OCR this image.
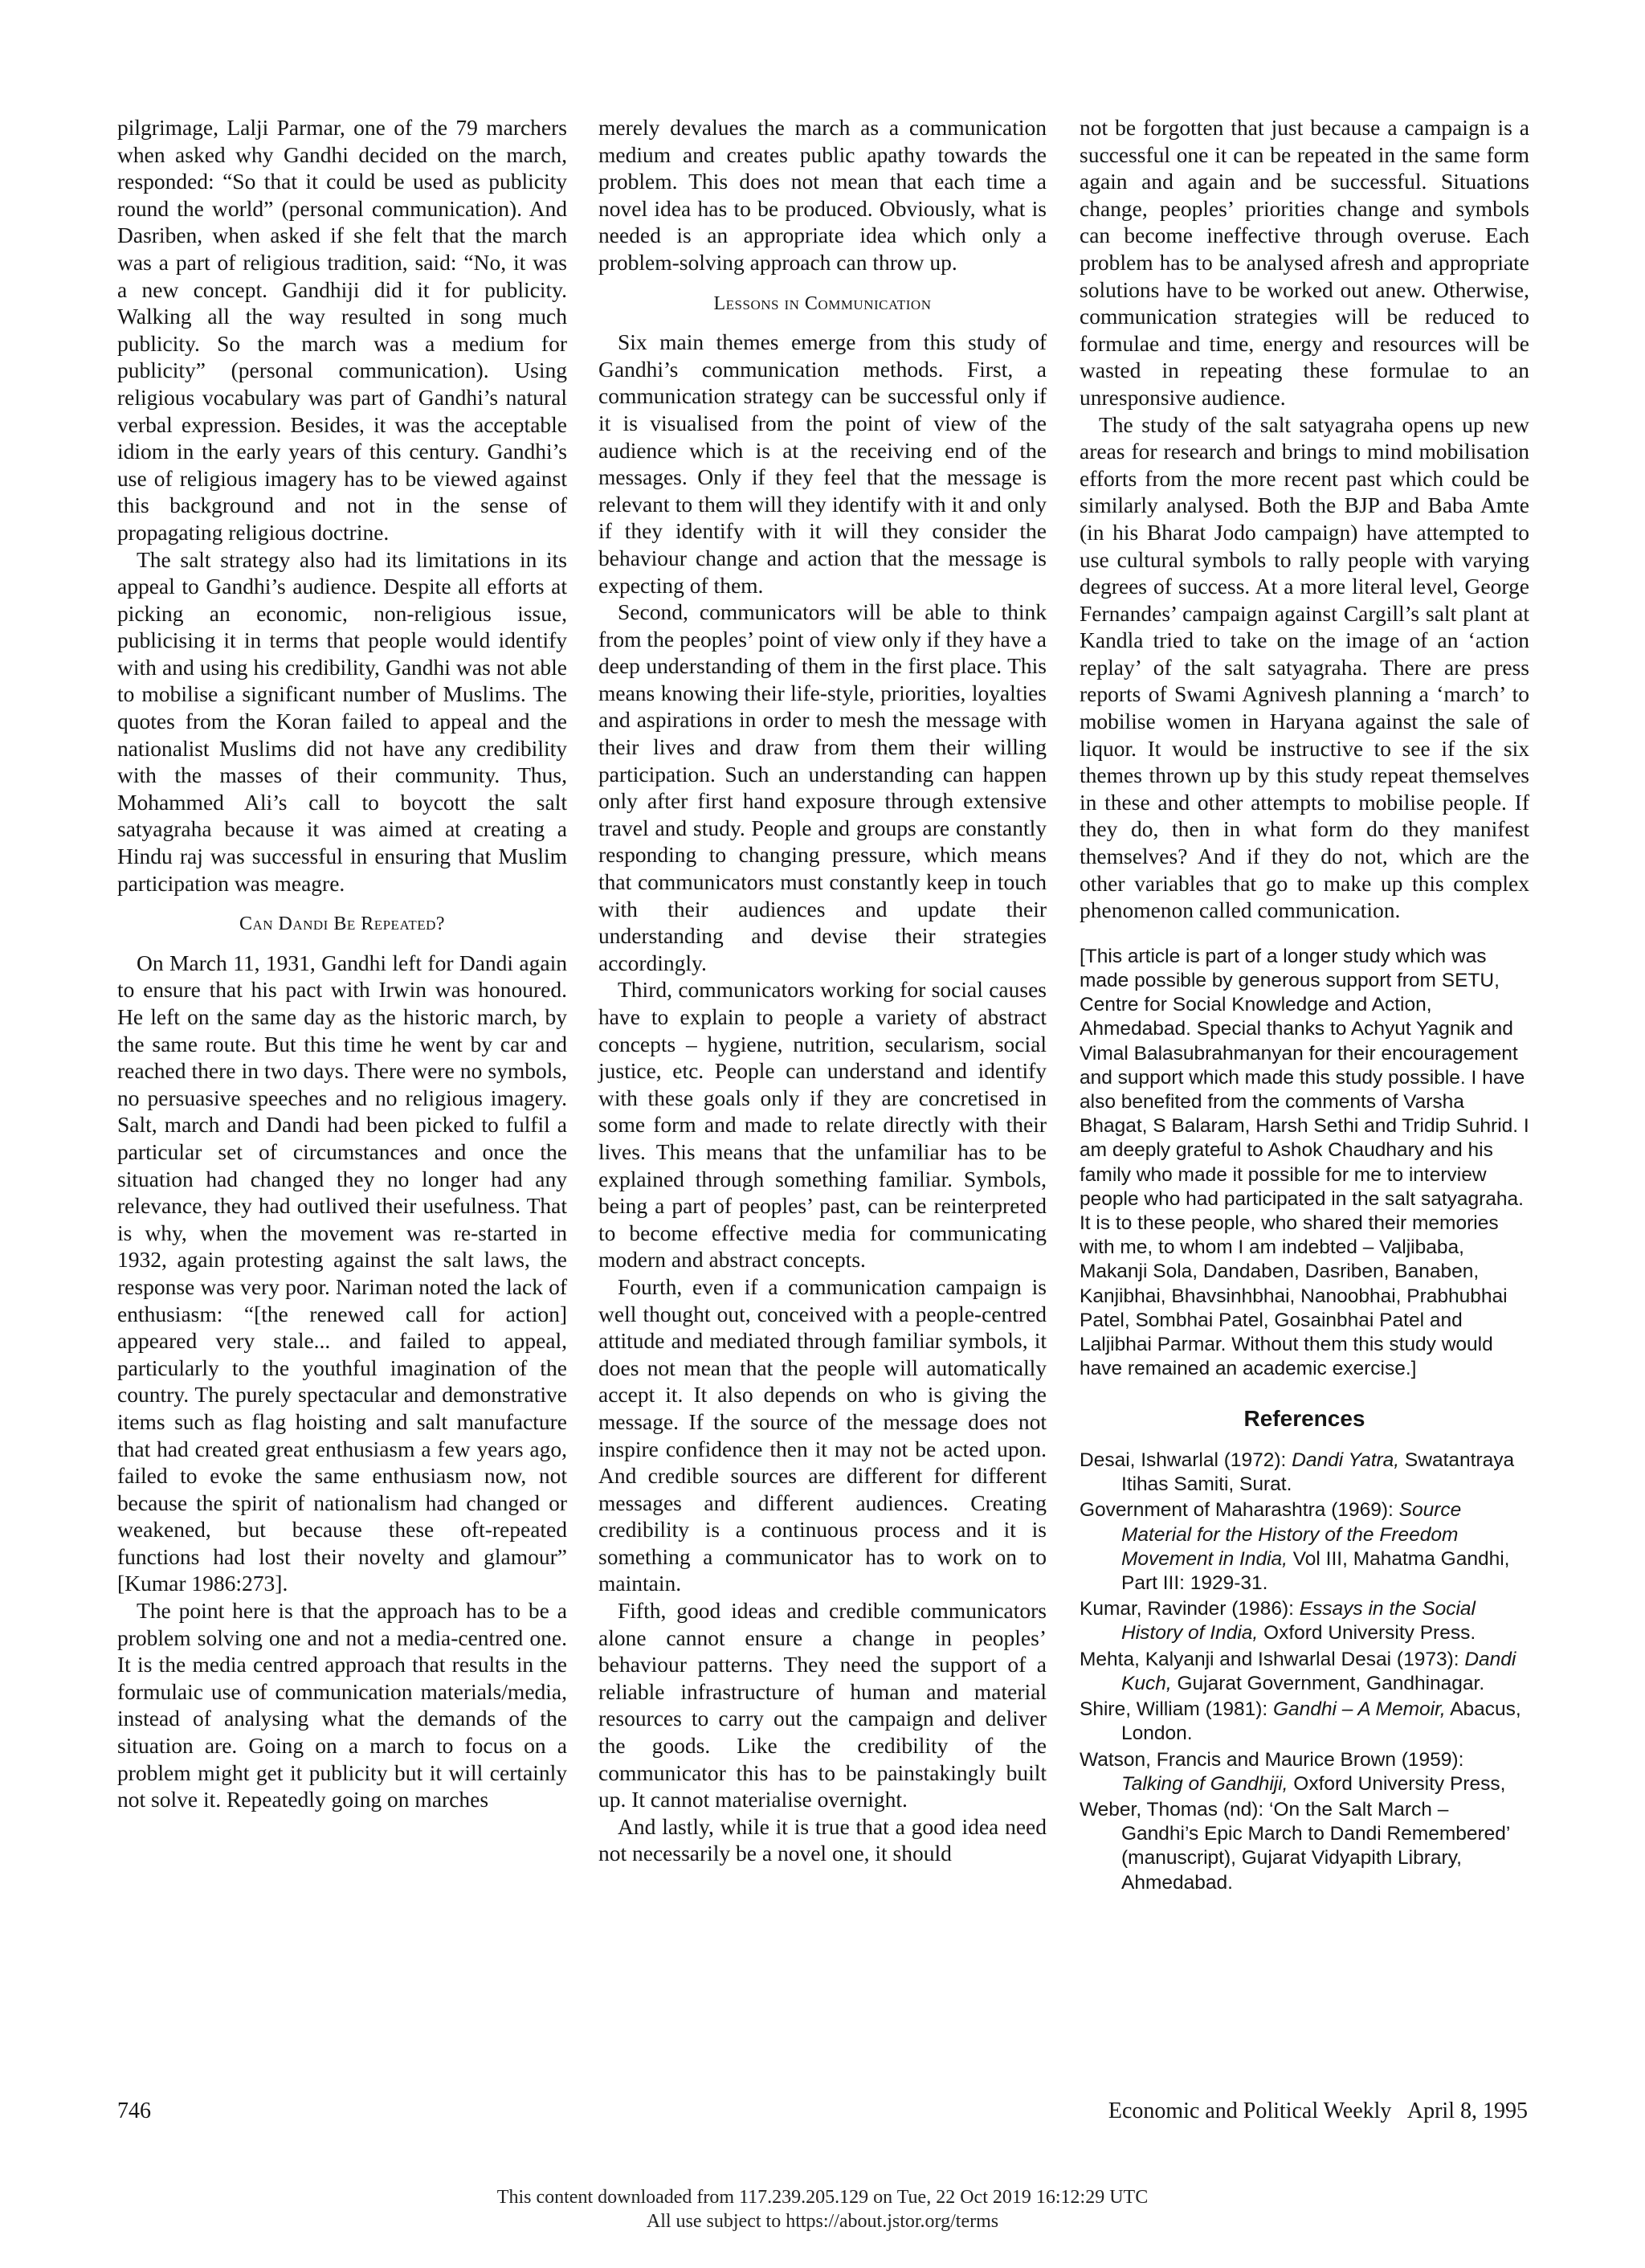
pilgrimage, Lalji Parmar, one of the 79 marchers when asked why Gandhi decided on the march, responded: “So that it could be used as publicity round the world” (personal communication). And Dasriben, when asked if she felt that the march was a part of religious tradition, said: “No, it was a new concept. Gandhiji did it for publicity. Walking all the way resulted in song much publicity. So the march was a medium for publicity” (personal communication). Using religious vocabulary was part of Gandhi’s natural verbal expression. Besides, it was the acceptable idiom in the early years of this century. Gandhi’s use of religious imagery has to be viewed against this background and not in the sense of propagating religious doctrine.

The salt strategy also had its limitations in its appeal to Gandhi’s audience. Despite all efforts at picking an economic, non-religious issue, publicising it in terms that people would identify with and using his credibility, Gandhi was not able to mobilise a significant number of Muslims. The quotes from the Koran failed to appeal and the nationalist Muslims did not have any credibility with the masses of their community. Thus, Mohammed Ali’s call to boycott the salt satyagraha because it was aimed at creating a Hindu raj was successful in ensuring that Muslim participation was meagre.

Can Dandi Be Repeated?

On March 11, 1931, Gandhi left for Dandi again to ensure that his pact with Irwin was honoured. He left on the same day as the historic march, by the same route. But this time he went by car and reached there in two days. There were no symbols, no persuasive speeches and no religious imagery. Salt, march and Dandi had been picked to fulfil a particular set of circumstances and once the situation had changed they no longer had any relevance, they had outlived their usefulness. That is why, when the movement was re-started in 1932, again protesting against the salt laws, the response was very poor. Nariman noted the lack of enthusiasm: “[the renewed call for action] appeared very stale... and failed to appeal, particularly to the youthful imagination of the country. The purely spectacular and demonstrative items such as flag hoisting and salt manufacture that had created great enthusiasm a few years ago, failed to evoke the same enthusiasm now, not because the spirit of nationalism had changed or weakened, but because these oft-repeated functions had lost their novelty and glamour” [Kumar 1986:273].

The point here is that the approach has to be a problem solving one and not a media-centred one. It is the media centred approach that results in the formulaic use of communication materials/media, instead of analysing what the demands of the situation are. Going on a march to focus on a problem might get it publicity but it will certainly not solve it. Repeatedly going on marches

merely devalues the march as a communication medium and creates public apathy towards the problem. This does not mean that each time a novel idea has to be produced. Obviously, what is needed is an appropriate idea which only a problem-solving approach can throw up.

Lessons in Communication

Six main themes emerge from this study of Gandhi’s communication methods. First, a communication strategy can be successful only if it is visualised from the point of view of the audience which is at the receiving end of the messages. Only if they feel that the message is relevant to them will they identify with it and only if they identify with it will they consider the behaviour change and action that the message is expecting of them.

Second, communicators will be able to think from the peoples’ point of view only if they have a deep understanding of them in the first place. This means knowing their life-style, priorities, loyalties and aspirations in order to mesh the message with their lives and draw from them their willing participation. Such an understanding can happen only after first hand exposure through extensive travel and study. People and groups are constantly responding to changing pressure, which means that communicators must constantly keep in touch with their audiences and update their understanding and devise their strategies accordingly.

Third, communicators working for social causes have to explain to people a variety of abstract concepts – hygiene, nutrition, secularism, social justice, etc. People can understand and identify with these goals only if they are concretised in some form and made to relate directly with their lives. This means that the unfamiliar has to be explained through something familiar. Symbols, being a part of peoples’ past, can be reinterpreted to become effective media for communicating modern and abstract concepts.

Fourth, even if a communication campaign is well thought out, conceived with a people-centred attitude and mediated through familiar symbols, it does not mean that the people will automatically accept it. It also depends on who is giving the message. If the source of the message does not inspire confidence then it may not be acted upon. And credible sources are different for different messages and different audiences. Creating credibility is a continuous process and it is something a communicator has to work on to maintain.

Fifth, good ideas and credible communicators alone cannot ensure a change in peoples’ behaviour patterns. They need the support of a reliable infrastructure of human and material resources to carry out the campaign and deliver the goods. Like the credibility of the communicator this has to be painstakingly built up. It cannot materialise overnight.

And lastly, while it is true that a good idea need not necessarily be a novel one, it should

not be forgotten that just because a campaign is a successful one it can be repeated in the same form again and again and be successful. Situations change, peoples’ priorities change and symbols can become ineffective through overuse. Each problem has to be analysed afresh and appropriate solutions have to be worked out anew. Otherwise, communication strategies will be reduced to formulae and time, energy and resources will be wasted in repeating these formulae to an unresponsive audience.

The study of the salt satyagraha opens up new areas for research and brings to mind mobilisation efforts from the more recent past which could be similarly analysed. Both the BJP and Baba Amte (in his Bharat Jodo campaign) have attempted to use cultural symbols to rally people with varying degrees of success. At a more literal level, George Fernandes’ campaign against Cargill’s salt plant at Kandla tried to take on the image of an ‘action replay’ of the salt satyagraha. There are press reports of Swami Agnivesh planning a ‘march’ to mobilise women in Haryana against the sale of liquor. It would be instructive to see if the six themes thrown up by this study repeat themselves in these and other attempts to mobilise people. If they do, then in what form do they manifest themselves? And if they do not, which are the other variables that go to make up this complex phenomenon called communication.

[This article is part of a longer study which was made possible by generous support from SETU, Centre for Social Knowledge and Action, Ahmedabad. Special thanks to Achyut Yagnik and Vimal Balasubrahmanyan for their encouragement and support which made this study possible. I have also benefited from the comments of Varsha Bhagat, S Balaram, Harsh Sethi and Tridip Suhrid. I am deeply grateful to Ashok Chaudhary and his family who made it possible for me to interview people who had participated in the salt satyagraha. It is to these people, who shared their memories with me, to whom I am indebted – Valjibaba, Makanji Sola, Dandaben, Dasriben, Banaben, Kanjibhai, Bhavsinhbhai, Nanoobhai, Prabhubhai Patel, Sombhai Patel, Gosainbhai Patel and Laljibhai Parmar. Without them this study would have remained an academic exercise.]

References
Desai, Ishwarlal (1972): Dandi Yatra, Swatantraya Itihas Samiti, Surat.
Government of Maharashtra (1969): Source Material for the History of the Freedom Movement in India, Vol III, Mahatma Gandhi, Part III: 1929-31.
Kumar, Ravinder (1986): Essays in the Social History of India, Oxford University Press.
Mehta, Kalyanji and Ishwarlal Desai (1973): Dandi Kuch, Gujarat Government, Gandhinagar.
Shire, William (1981): Gandhi – A Memoir, Abacus, London.
Watson, Francis and Maurice Brown (1959): Talking of Gandhiji, Oxford University Press,
Weber, Thomas (nd): ‘On the Salt March – Gandhi’s Epic March to Dandi Remembered’ (manuscript), Gujarat Vidyapith Library, Ahmedabad.
746	Economic and Political Weekly   April 8, 1995
This content downloaded from 117.239.205.129 on Tue, 22 Oct 2019 16:12:29 UTC
All use subject to https://about.jstor.org/terms
